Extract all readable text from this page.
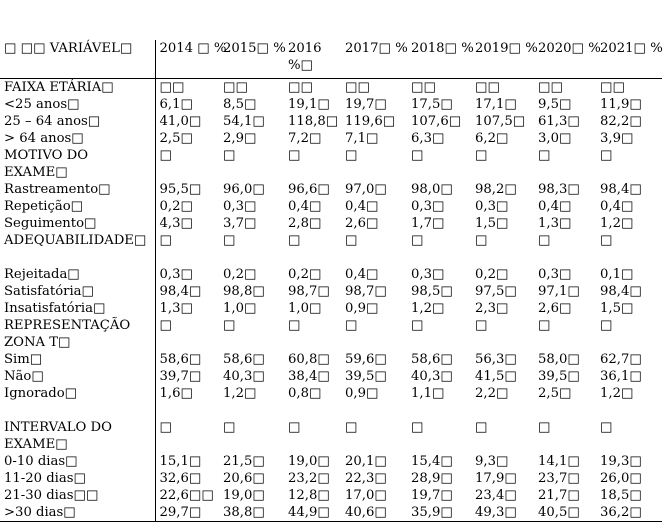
□ □□ VARIÁVEL□	2014 □ %	2015□ %	2016 %□	2017□ %	2018□ %	2019□ %	2020□ %	2021□ %
FAIXA ETÁRIA□	□□	□□	□□	□□	□□	□□	□□	□□
<25 anos□	6,1□	8,5□	19,1□	19,7□	17,5□	17,1□	9,5□	11,9□
25 – 64 anos□	41,0□	54,1□	118,8□	119,6□	107,6□	107,5□	61,3□	82,2□
> 64 anos□	2,5□	2,9□	7,2□	7,1□	6,3□	6,2□	3,0□	3,9□
MOTIVO DO EXAME□	□	□	□	□	□	□	□	□
Rastreamento□	95,5□	96,0□	96,6□	97,0□	98,0□	98,2□	98,3□	98,4□
Repetição□	0,2□	0,3□	0,4□	0,4□	0,3□	0,3□	0,4□	0,4□
Seguimento□	4,3□	3,7□	2,8□	2,6□	1,7□	1,5□	1,3□	1,2□
ADEQUABILIDADE□	□	□	□	□	□	□	□	□

Rejeitada□	0,3□	0,2□	0,2□	0,4□	0,3□	0,2□	0,3□	0,1□
Satisfatória□	98,4□	98,8□	98,7□	98,7□	98,5□	97,5□	97,1□	98,4□
Insatisfatória□	1,3□	1,0□	1,0□	0,9□	1,2□	2,3□	2,6□	1,5□
REPRESENTAÇÃO ZONA T□	□	□	□	□	□	□	□	□
Sim□	58,6□	58,6□	60,8□	59,6□	58,6□	56,3□	58,0□	62,7□
Não□	39,7□	40,3□	38,4□	39,5□	40,3□	41,5□	39,5□	36,1□
Ignorado□	1,6□	1,2□	0,8□	0,9□	1,1□	2,2□	2,5□	1,2□

INTERVALO DO EXAME□	□	□	□	□	□	□	□	□
0-10 dias□	15,1□	21,5□	19,0□	20,1□	15,4□	9,3□	14,1□	19,3□
11-20 dias□	32,6□	20,6□	23,2□	22,3□	28,9□	17,9□	23,7□	26,0□
21-30 dias□□	22,6□□	19,0□	12,8□	17,0□	19,7□	23,4□	21,7□	18,5□
>30 dias□	29,7□	38,8□	44,9□	40,6□	35,9□	49,3□	40,5□	36,2□
